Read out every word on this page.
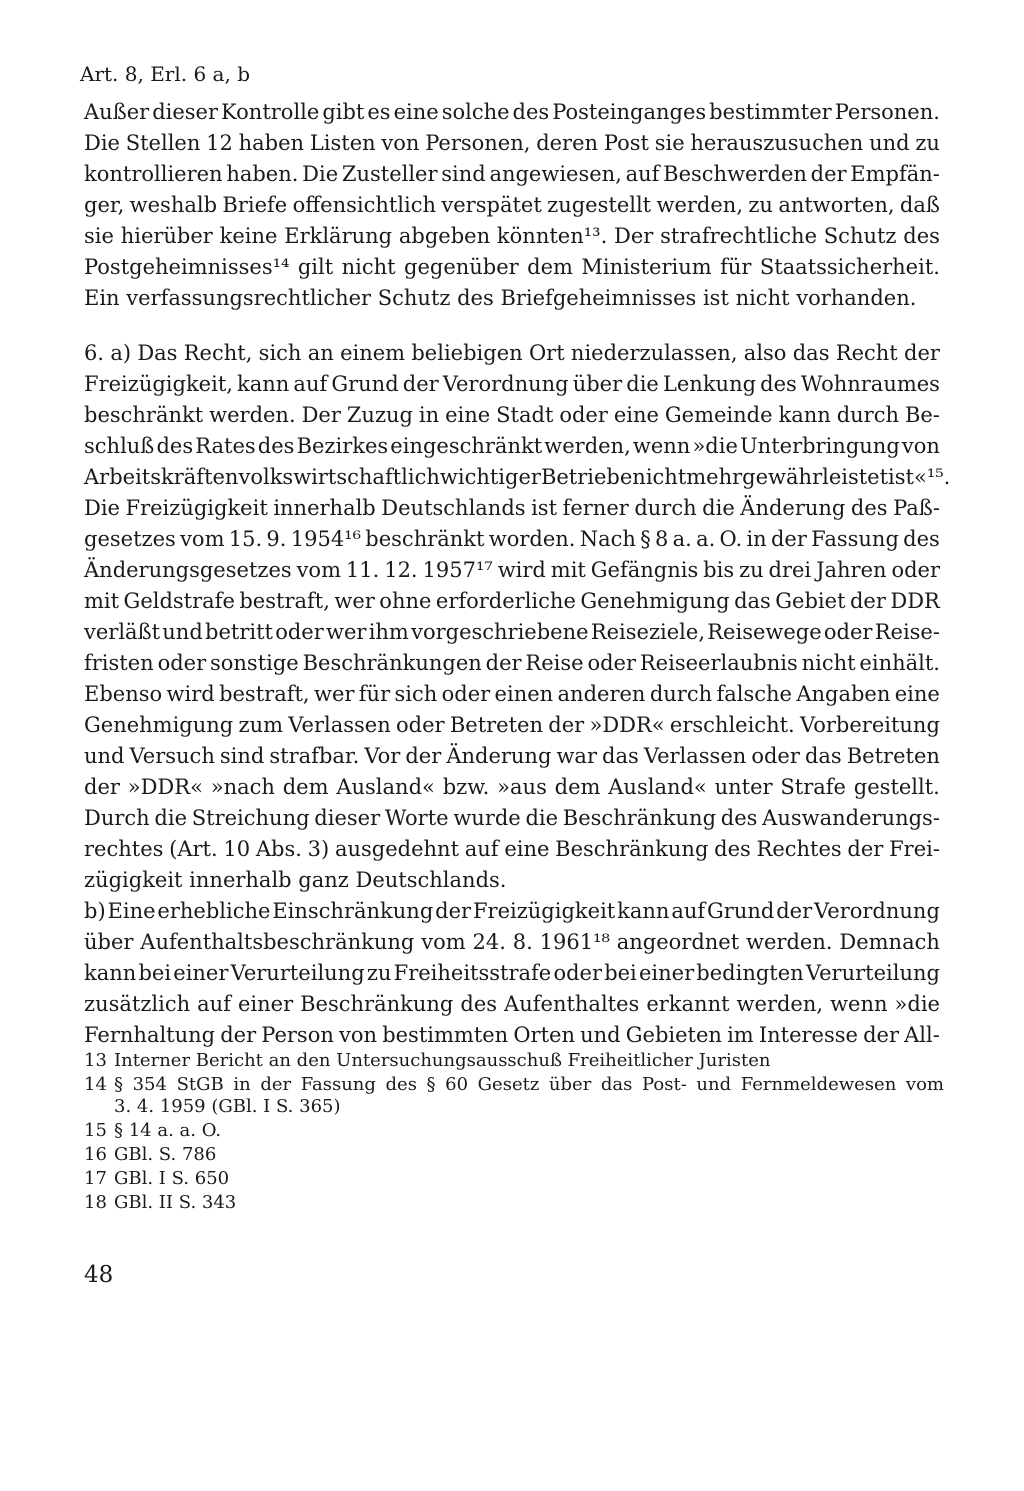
Art. 8, Erl. 6 a, b
Außer dieser Kontrolle gibt es eine solche des Posteinganges bestimmter Personen.
Die Stellen 12 haben Listen von Personen, deren Post sie herauszusuchen und zu
kontrollieren haben. Die Zusteller sind angewiesen, auf Beschwerden der Empfän-
ger, weshalb Briefe offensichtlich verspätet zugestellt werden, zu antworten, daß
sie hierüber keine Erklärung abgeben könnten¹³. Der strafrechtliche Schutz des
Postgeheimnisses¹⁴ gilt nicht gegenüber dem Ministerium für Staatssicherheit.
Ein verfassungsrechtlicher Schutz des Briefgeheimnisses ist nicht vorhanden.
6. a) Das Recht, sich an einem beliebigen Ort niederzulassen, also das Recht der
Freizügigkeit, kann auf Grund der Verordnung über die Lenkung des Wohnraumes
beschränkt werden. Der Zuzug in eine Stadt oder eine Gemeinde kann durch Be-
schluß des Rates des Bezirkes eingeschränkt werden, wenn »die Unterbringung von
Arbeitskräften volkswirtschaftlich wichtiger Betriebe nicht mehr gewährleistet ist«¹⁵.
Die Freizügigkeit innerhalb Deutschlands ist ferner durch die Änderung des Paß-
gesetzes vom 15. 9. 1954¹⁶ beschränkt worden. Nach § 8 a. a. O. in der Fassung des
Änderungsgesetzes vom 11. 12. 1957¹⁷ wird mit Gefängnis bis zu drei Jahren oder
mit Geldstrafe bestraft, wer ohne erforderliche Genehmigung das Gebiet der DDR
verläßt und betritt oder wer ihm vorgeschriebene Reiseziele, Reisewege oder Reise-
fristen oder sonstige Beschränkungen der Reise oder Reiseerlaubnis nicht einhält.
Ebenso wird bestraft, wer für sich oder einen anderen durch falsche Angaben eine
Genehmigung zum Verlassen oder Betreten der »DDR« erschleicht. Vorbereitung
und Versuch sind strafbar. Vor der Änderung war das Verlassen oder das Betreten
der »DDR« »nach dem Ausland« bzw. »aus dem Ausland« unter Strafe gestellt.
Durch die Streichung dieser Worte wurde die Beschränkung des Auswanderungs-
rechtes (Art. 10 Abs. 3) ausgedehnt auf eine Beschränkung des Rechtes der Frei-
zügigkeit innerhalb ganz Deutschlands.
b) Eine erhebliche Einschränkung der Freizügigkeit kann auf Grund der Verordnung
über Aufenthaltsbeschränkung vom 24. 8. 1961¹⁸ angeordnet werden. Demnach
kann bei einer Verurteilung zu Freiheitsstrafe oder bei einer bedingten Verurteilung
zusätzlich auf einer Beschränkung des Aufenthaltes erkannt werden, wenn »die
Fernhaltung der Person von bestimmten Orten und Gebieten im Interesse der All-
13 Interner Bericht an den Untersuchungsausschuß Freiheitlicher Juristen
14 § 354 StGB in der Fassung des § 60 Gesetz über das Post- und Fernmeldewesen vom
3. 4. 1959 (GBl. I S. 365)
15 § 14 a. a. O.
16 GBl. S. 786
17 GBl. I S. 650
18 GBl. II S. 343
48
